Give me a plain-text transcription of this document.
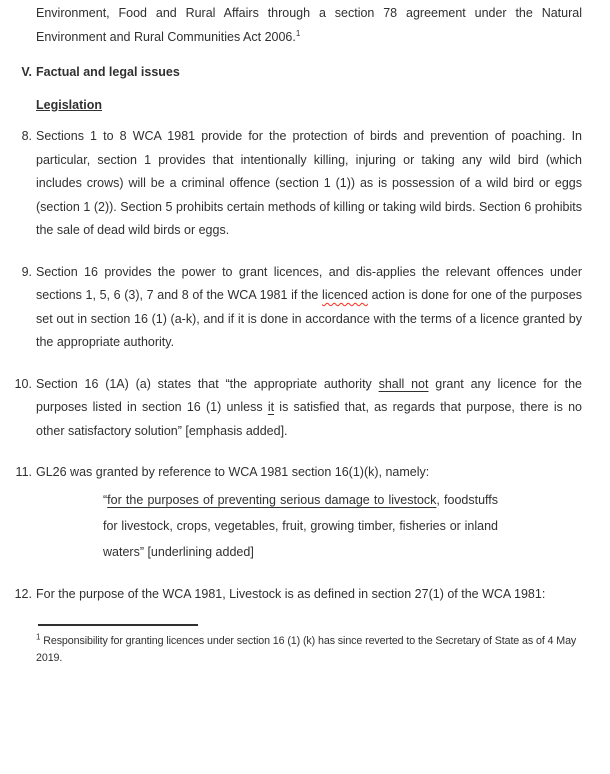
Environment, Food and Rural Affairs through a section 78 agreement under the Natural Environment and Rural Communities Act 2006.$^1$

V. Factual and legal issues
Legislation
8. Sections 1 to 8 WCA 1981 provide for the protection of birds and prevention of poaching. In particular, section 1 provides that intentionally killing, injuring or taking any wild bird (which includes crows) will be a criminal offence (section 1 (1)) as is possession of a wild bird or eggs (section 1 (2)). Section 5 prohibits certain methods of killing or taking wild birds. Section 6 prohibits the sale of dead wild birds or eggs.
9. Section 16 provides the power to grant licences, and dis-applies the relevant offences under sections 1, 5, 6 (3), 7 and 8 of the WCA 1981 if the licenced action is done for one of the purposes set out in section 16 (1) (a-k), and if it is done in accordance with the terms of a licence granted by the appropriate authority.
10. Section 16 (1A) (a) states that “the appropriate authority shall not grant any licence for the purposes listed in section 16 (1) unless it is satisfied that, as regards that purpose, there is no other satisfactory solution” [emphasis added].
11. GL26 was granted by reference to WCA 1981 section 16(1)(k), namely:
“for the purposes of preventing serious damage to livestock, foodstuffs for livestock, crops, vegetables, fruit, growing timber, fisheries or inland waters” [underlining added]
12. For the purpose of the WCA 1981, Livestock is as defined in section 27(1) of the WCA 1981:
$^1$ Responsibility for granting licences under section 16 (1) (k) has since reverted to the Secretary of State as of 4 May 2019.
